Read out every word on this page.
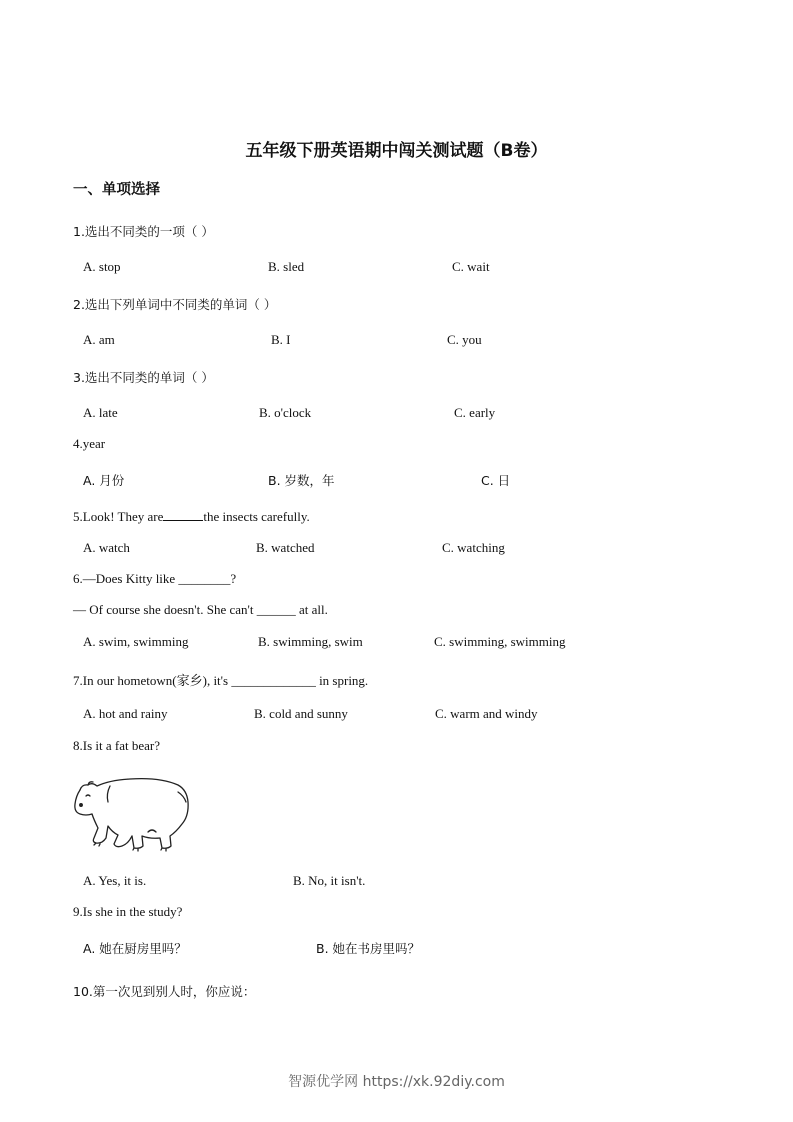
五年级下册英语期中闯关测试题（B卷）
一、单项选择
1.选出不同类的一项（ ）
A. stop	B. sled	C. wait
2.选出下列单词中不同类的单词（ ）
A. am	B. I	C. you
3.选出不同类的单词（ ）
A. late	B. o'clock	C. early
4.year
A. 月份	B. 岁数，年	C. 日
5.Look! They are	the insects carefully.
A. watch	B. watched	C. watching
6.—Does Kitty like ________?
— Of course she doesn't. She can't ______ at all.
A. swim, swimming	B. swimming, swim	C. swimming, swimming
7.In our hometown(家乡), it's _____________ in spring.
A. hot and rainy	B. cold and sunny	C. warm and windy
8.Is it a fat bear?
A. Yes, it is.	B. No, it isn't.
9.Is she in the study?
A. 她在厨房里吗？	B. 她在书房里吗？
10.第一次见到别人时，你应说：
智源优学网 https://xk.92diy.com
